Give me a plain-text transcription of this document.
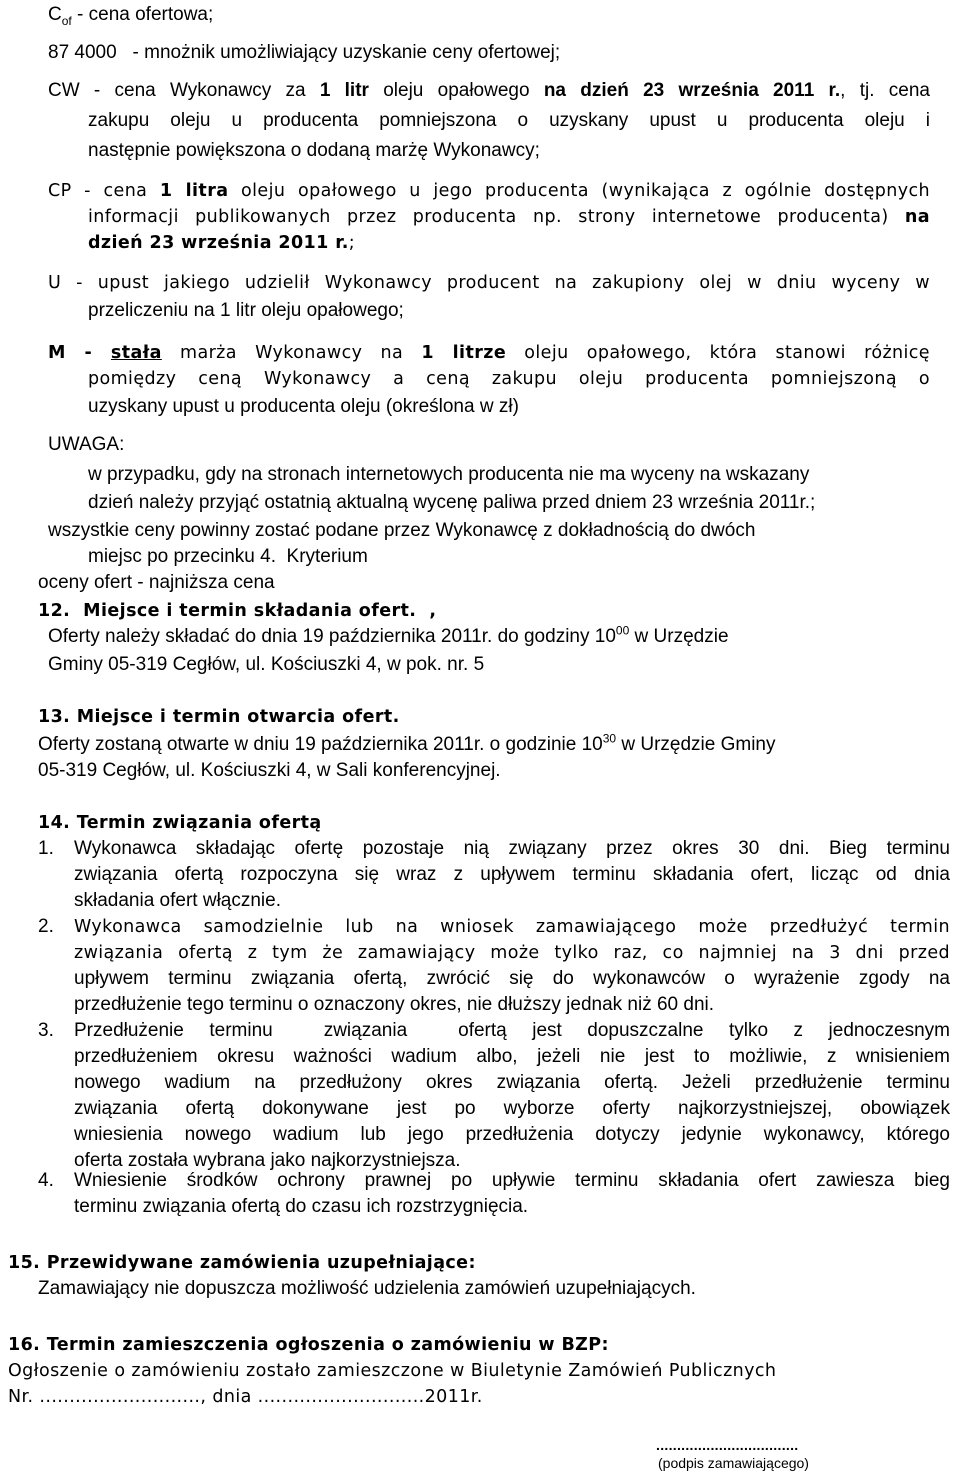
$C_{of}$ - cena ofertowa;
87 4000   - mnożnik umożliwiający uzyskanie ceny ofertowej;
CW - cena Wykonawcy za 1 litr oleju opałowego na dzień 23 września 2011 r., tj. cena
zakupu oleju u producenta pomniejszona o uzyskany upust u producenta oleju i
następnie powiększona o dodaną marżę Wykonawcy;
CP - cena 1 litra oleju opałowego u jego producenta (wynikająca z ogólnie dostępnych
informacji publikowanych przez producenta np. strony internetowe producenta) na
dzień 23 września 2011 r.;
U - upust jakiego udzielił Wykonawcy producent na zakupiony olej w dniu wyceny w
przeliczeniu na 1 litr oleju opałowego;
M - stała marża Wykonawcy na 1 litrze oleju opałowego, która stanowi różnicę
pomiędzy ceną Wykonawcy a ceną zakupu oleju producenta pomniejszoną o
uzyskany upust u producenta oleju (określona w zł)
UWAGA:
w przypadku, gdy na stronach internetowych producenta nie ma wyceny na wskazany
dzień należy przyjąć ostatnią aktualną wycenę paliwa przed dniem 23 września 2011r.;
wszystkie ceny powinny zostać podane przez Wykonawcę z dokładnością do dwóch
miejsc po przecinku 4.  Kryterium
oceny ofert - najniższa cena
12.  Miejsce i termin składania ofert.  ,
Oferty należy składać do dnia 19 października 2011r. do godziny $10^{00}$ w Urzędzie
Gminy 05-319 Cegłów, ul. Kościuszki 4, w pok. nr. 5
13. Miejsce i termin otwarcia ofert.
Oferty zostaną otwarte w dniu 19 października 2011r. o godzinie $10^{30}$ w Urzędzie Gminy
05-319 Cegłów, ul. Kościuszki 4, w Sali konferencyjnej.
14. Termin związania ofertą
1. Wykonawca składając ofertę pozostaje nią związany przez okres 30 dni. Bieg terminu
związania ofertą rozpoczyna się wraz z upływem terminu składania ofert, licząc od dnia
składania ofert włącznie.
2. Wykonawca samodzielnie lub na wniosek zamawiającego może przedłużyć termin
związania ofertą z tym że zamawiający może tylko raz, co najmniej na 3 dni przed
upływem terminu związania ofertą, zwrócić się do wykonawców o wyrażenie zgody na
przedłużenie tego terminu o oznaczony okres, nie dłuższy jednak niż 60 dni.
3. Przedłużenie terminu  związania  ofertą jest dopuszczalne tylko z jednoczesnym
przedłużeniem okresu ważności wadium albo, jeżeli nie jest to możliwie, z wnisieniem
nowego wadium na przedłużony okres związania ofertą. Jeżeli przedłużenie terminu
związania ofertą dokonywane jest po wyborze oferty najkorzystniejszej, obowiązek
wniesienia nowego wadium lub jego przedłużenia dotyczy jedynie wykonawcy, którego
oferta została wybrana jako najkorzystniejsza.
4. Wniesienie środków ochrony prawnej po upływie terminu składania ofert zawiesza bieg
terminu związania ofertą do czasu ich rozstrzygnięcia.
15. Przewidywane zamówienia uzupełniające:
Zamawiający nie dopuszcza możliwość udzielenia zamówień uzupełniających.
16. Termin zamieszczenia ogłoszenia o zamówieniu w BZP:
Ogłoszenie o zamówieniu zostało zamieszczone w Biuletynie Zamówień Publicznych
Nr. ..........................., dnia ............................2011r.
..................................
(podpis zamawiającego)
